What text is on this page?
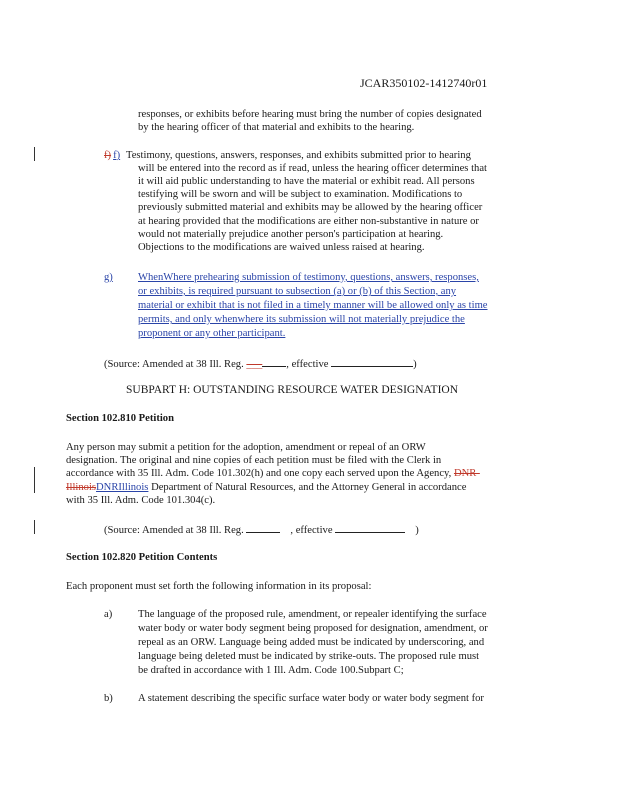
JCAR350102-1412740r01
responses, or exhibits before hearing must bring the number of copies designated
by the hearing officer of that material and exhibits to the hearing.
f) f) Testimony, questions, answers, responses, and exhibits submitted prior to hearing
will be entered into the record as if read, unless the hearing officer determines that
it will aid public understanding to have the material or exhibit read. All persons
testifying will be sworn and will be subject to examination. Modifications to
previously submitted material and exhibits may be allowed by the hearing officer
at hearing provided that the modifications are either non-substantive in nature or
would not materially prejudice another person's participation at hearing.
Objections to the modifications are waived unless raised at hearing.
g) WhenWhere prehearing submission of testimony, questions, answers, responses,
or exhibits, is required pursuant to subsection (a) or (b) of this Section, any
material or exhibit that is not filed in a timely manner will be allowed only as time
permits, and only whenwhere its submission will not materially prejudice the
proponent or any other participant.
(Source: Amended at 38 Ill. Reg. ___ , effective	)
SUBPART H: OUTSTANDING RESOURCE WATER DESIGNATION
Section 102.810 Petition
Any person may submit a petition for the adoption, amendment or repeal of an ORW
designation. The original and nine copies of each petition must be filed with the Clerk in
accordance with 35 Ill. Adm. Code 101.302(h) and one copy each served upon the Agency, DNR-
IllinoisDNRIllinois Department of Natural Resources, and the Attorney General in accordance
with 35 Ill. Adm. Code 101.304(c).
(Source: Amended at 38 Ill. Reg.	, effective	)
Section 102.820 Petition Contents
Each proponent must set forth the following information in its proposal:
a) The language of the proposed rule, amendment, or repealer identifying the surface
water body or water body segment being proposed for designation, amendment, or
repeal as an ORW. Language being added must be indicated by underscoring, and
language being deleted must be indicated by strike-outs. The proposed rule must
be drafted in accordance with 1 Ill. Adm. Code 100.Subpart C;
b) A statement describing the specific surface water body or water body segment for
